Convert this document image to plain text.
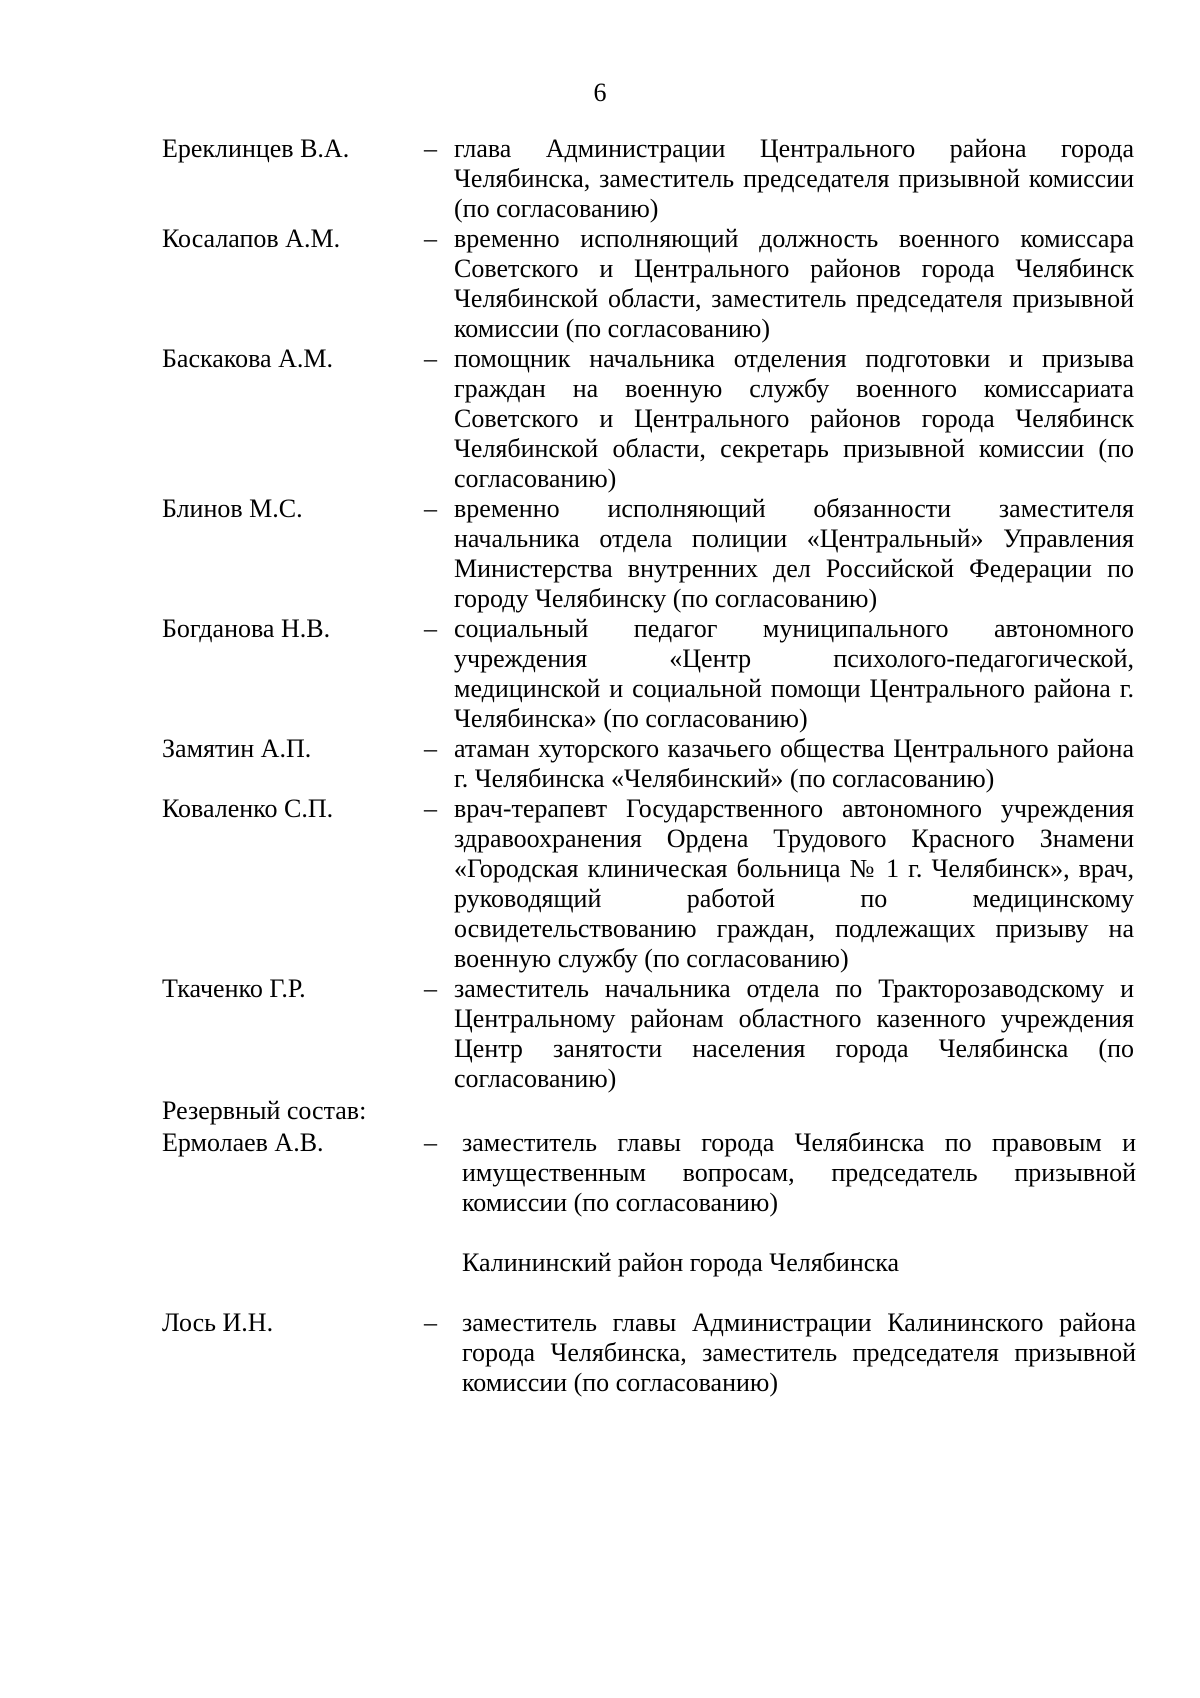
6
Ереклинцев В.А.	– глава Администрации Центрального района города Челябинска, заместитель председателя призывной комиссии (по согласованию)
Косалапов А.М.	– временно исполняющий должность военного комиссара Советского и Центрального районов города Челябинск Челябинской области, заместитель председателя призывной комиссии (по согласованию)
Баскакова А.М.	– помощник начальника отделения подготовки и призыва граждан на военную службу военного комиссариата Советского и Центрального районов города Челябинск Челябинской области, секретарь призывной комиссии (по согласованию)
Блинов М.С.	– временно исполняющий обязанности заместителя начальника отдела полиции «Центральный» Управления Министерства внутренних дел Российской Федерации по городу Челябинску (по согласованию)
Богданова Н.В.	– социальный педагог муниципального автономного учреждения «Центр психолого-педагогической, медицинской и социальной помощи Центрального района г. Челябинска» (по согласованию)
Замятин А.П.	– атаман хуторского казачьего общества Центрального района г. Челябинска «Челябинский» (по согласованию)
Коваленко С.П.	– врач-терапевт Государственного автономного учреждения здравоохранения Ордена Трудового Красного Знамени «Городская клиническая больница № 1 г. Челябинск», врач, руководящий работой по медицинскому освидетельствованию граждан, подлежащих призыву на военную службу (по согласованию)
Ткаченко Г.Р.	– заместитель начальника отдела по Тракторозаводскому и Центральному районам областного казенного учреждения Центр занятости населения города Челябинска (по согласованию)
Резервный состав:
Ермолаев А.В.	– заместитель главы города Челябинска по правовым и имущественным вопросам, председатель призывной комиссии (по согласованию)
Калининский район города Челябинска
Лось И.Н.	– заместитель главы Администрации Калининского района города Челябинска, заместитель председателя призывной комиссии (по согласованию)
